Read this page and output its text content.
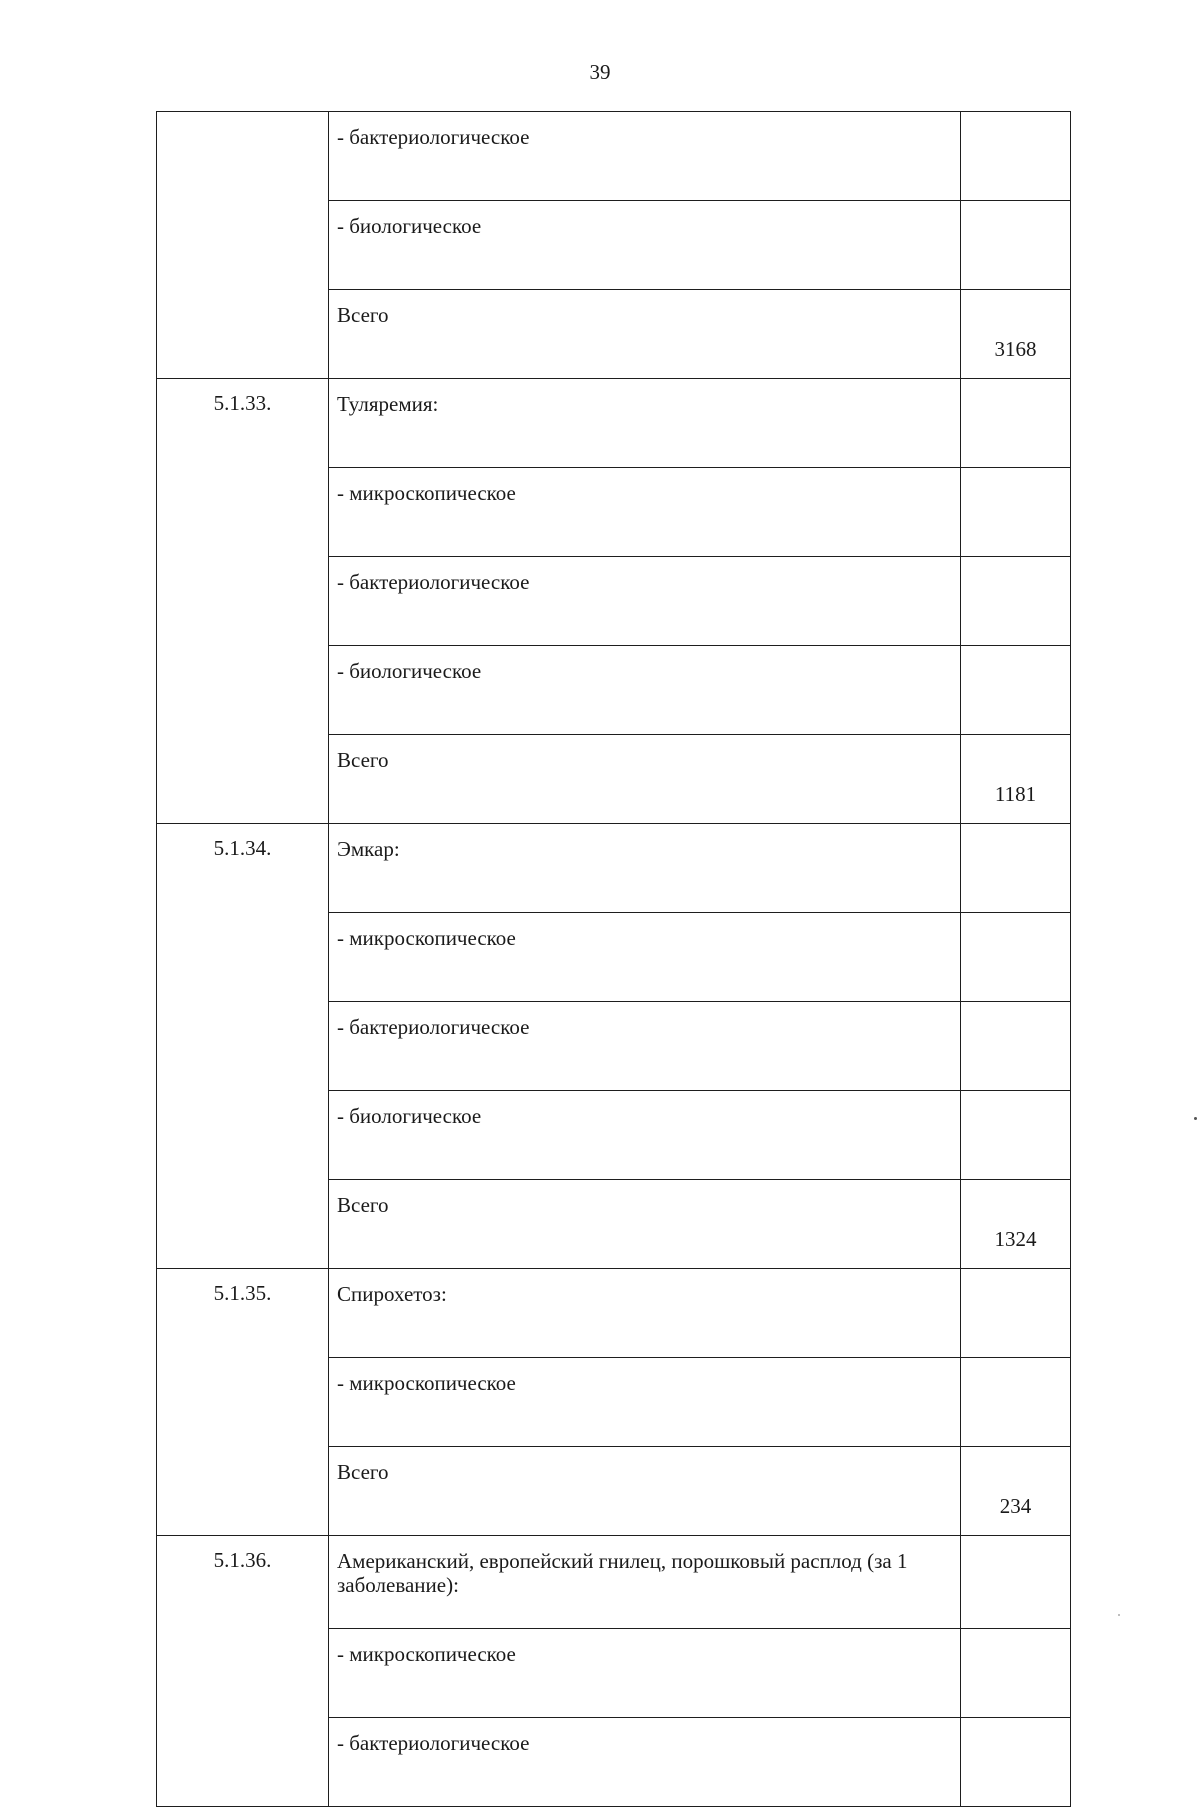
39
	- бактериологическое	
	- биологическое	
	Всего	3168
5.1.33.	Туляремия:	
	- микроскопическое	
	- бактериологическое	
	- биологическое	
	Всего	1181
5.1.34.	Эмкар:	
	- микроскопическое	
	- бактериологическое	
	- биологическое	
	Всего	1324
5.1.35.	Спирохетоз:	
	- микроскопическое	
	Всего	234
5.1.36.	Американский, европейский гнилец, порошковый расплод (за 1 заболевание):	
	- микроскопическое	
	- бактериологическое	
